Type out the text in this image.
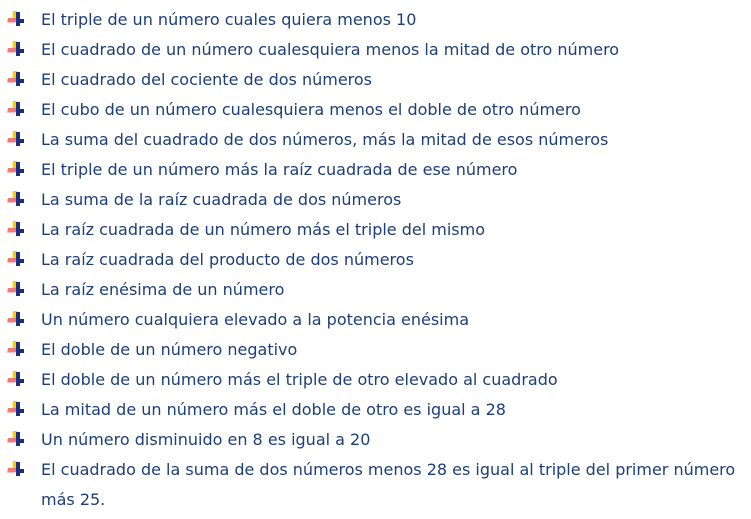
El triple de un número cuales quiera menos 10
El cuadrado de un número cualesquiera menos la mitad de otro número
El cuadrado del cociente de dos números
El cubo de un número cualesquiera menos el doble de otro número
La suma del cuadrado de dos números, más la mitad de esos números
El triple de un número más la raíz cuadrada de ese número
La suma de la raíz cuadrada de dos números
La raíz cuadrada de un número más el triple del mismo
La raíz cuadrada del producto de dos números
La raíz enésima de un número
Un número cualquiera elevado a la potencia enésima
El doble de un número negativo
El doble de un número más el triple de otro elevado al cuadrado
La mitad de un número más el doble de otro es igual a 28
Un número disminuido en 8 es igual a 20
El cuadrado de la suma de dos números menos 28 es igual al triple del primer número más 25.
